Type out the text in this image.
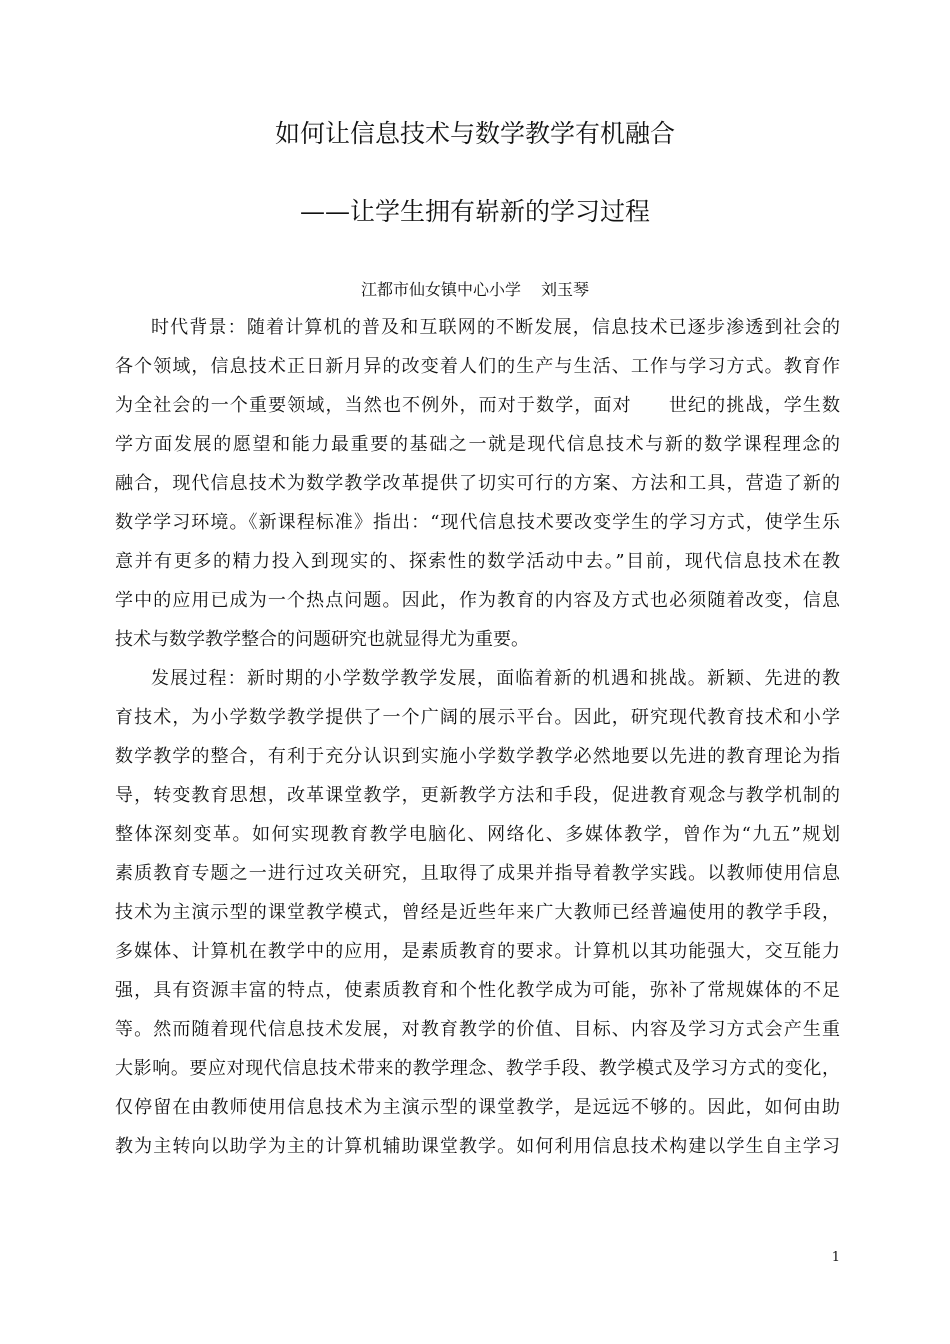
如何让信息技术与数学教学有机融合
——让学生拥有崭新的学习过程
江都市仙女镇中心小学 刘玉琴
时代背景：随着计算机的普及和互联网的不断发展，信息技术已逐步渗透到社会的
各个领域，信息技术正日新月异的改变着人们的生产与生活、工作与学习方式。教育作
为全社会的一个重要领域，当然也不例外，而对于数学，面对 世纪的挑战，学生数
学方面发展的愿望和能力最重要的基础之一就是现代信息技术与新的数学课程理念的
融合，现代信息技术为数学教学改革提供了切实可行的方案、方法和工具，营造了新的
数学学习环境。《新课程标准》指出：“现代信息技术要改变学生的学习方式，使学生乐
意并有更多的精力投入到现实的、探索性的数学活动中去。”目前，现代信息技术在教
学中的应用已成为一个热点问题。因此，作为教育的内容及方式也必须随着改变，信息
技术与数学教学整合的问题研究也就显得尤为重要。
发展过程：新时期的小学数学教学发展，面临着新的机遇和挑战。新颖、先进的教
育技术，为小学数学教学提供了一个广阔的展示平台。因此，研究现代教育技术和小学
数学教学的整合，有利于充分认识到实施小学数学教学必然地要以先进的教育理论为指
导，转变教育思想，改革课堂教学，更新教学方法和手段，促进教育观念与教学机制的
整体深刻变革。如何实现教育教学电脑化、网络化、多媒体教学，曾作为“九五”规划
素质教育专题之一进行过攻关研究，且取得了成果并指导着教学实践。以教师使用信息
技术为主演示型的课堂教学模式，曾经是近些年来广大教师已经普遍使用的教学手段，
多媒体、计算机在教学中的应用，是素质教育的要求。计算机以其功能强大，交互能力
强，具有资源丰富的特点，使素质教育和个性化教学成为可能，弥补了常规媒体的不足
等。然而随着现代信息技术发展，对教育教学的价值、目标、内容及学习方式会产生重
大影响。要应对现代信息技术带来的教学理念、教学手段、教学模式及学习方式的变化，
仅停留在由教师使用信息技术为主演示型的课堂教学，是远远不够的。因此，如何由助
教为主转向以助学为主的计算机辅助课堂教学。如何利用信息技术构建以学生自主学习
1
